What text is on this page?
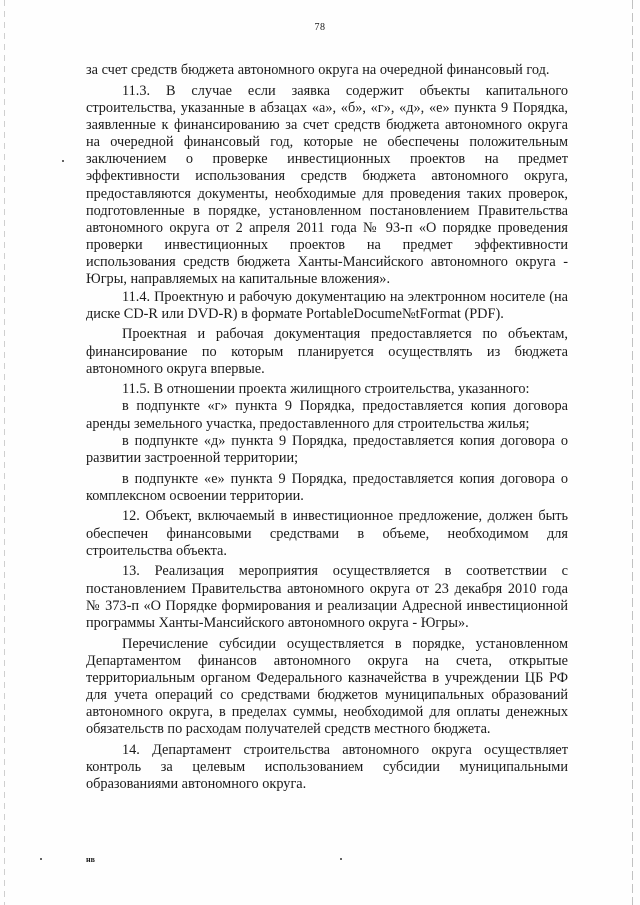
78

за счет средств бюджета автономного округа на очередной финансовый год.

11.3. В случае если заявка содержит объекты капитального строительства, указанные в абзацах «а», «б», «г», «д», «е» пункта 9 Порядка, заявленные к финансированию за счет средств бюджета автономного округа на очередной финансовый год, которые не обеспечены положительным заключением о проверке инвестиционных проектов на предмет эффективности использования средств бюджета автономного округа, предоставляются документы, необходимые для проведения таких проверок, подготовленные в порядке, установленном постановлением Правительства автономного округа от 2 апреля 2011 года № 93-п «О порядке проведения проверки инвестиционных проектов на предмет эффективности использования средств бюджета Ханты-Мансийского автономного округа - Югры, направляемых на капитальные вложения».

11.4. Проектную и рабочую документацию на электронном носителе (на диске CD-R или DVD-R) в формате PortableDocume№tFormat (PDF).

Проектная и рабочая документация предоставляется по объектам, финансирование по которым планируется осуществлять из бюджета автономного округа впервые.

11.5. В отношении проекта жилищного строительства, указанного:

в подпункте «г» пункта 9 Порядка, предоставляется копия договора аренды земельного участка, предоставленного для строительства жилья;

в подпункте «д» пункта 9 Порядка, предоставляется копия договора о развитии застроенной территории;

в подпункте «е» пункта 9 Порядка, предоставляется копия договора о комплексном освоении территории.

12. Объект, включаемый в инвестиционное предложение, должен быть обеспечен финансовыми средствами в объеме, необходимом для строительства объекта.

13. Реализация мероприятия осуществляется в соответствии с постановлением Правительства автономного округа от 23 декабря 2010 года № 373-п «О Порядке формирования и реализации Адресной инвестиционной программы Ханты-Мансийского автономного округа - Югры».

Перечисление субсидии осуществляется в порядке, установленном Департаментом финансов автономного округа на счета, открытые территориальным органом Федерального казначейства в учреждении ЦБ РФ для учета операций со средствами бюджетов муниципальных образований автономного округа, в пределах суммы, необходимой для оплаты денежных обязательств по расходам получателей средств местного бюджета.

14. Департамент строительства автономного округа осуществляет контроль за целевым использованием субсидии муниципальными образованиями автономного округа.

нв
